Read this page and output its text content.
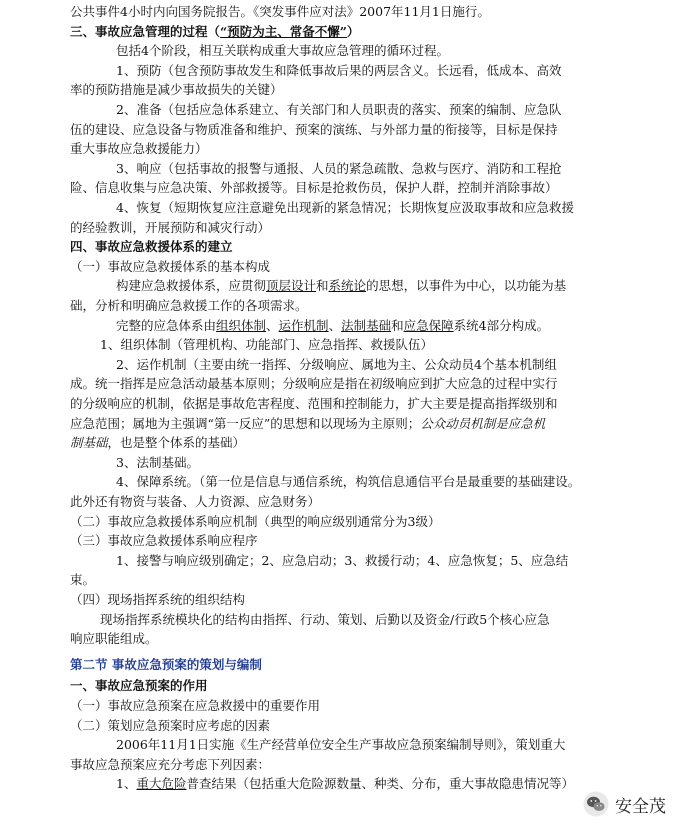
公共事件4小时内向国务院报告。《突发事件应对法》2007年11月1日施行。
三、事故应急管理的过程（“预防为主、常备不懈”）
包括4个阶段，相互关联构成重大事故应急管理的循环过程。
1、预防（包含预防事故发生和降低事故后果的两层含义。长远看，低成本、高效
率的预防措施是减少事故损失的关键）
2、准备（包括应急体系建立、有关部门和人员职责的落实、预案的编制、应急队
伍的建设、应急设备与物质准备和维护、预案的演练、与外部力量的衔接等，目标是保持
重大事故应急救援能力）
3、响应（包括事故的报警与通报、人员的紧急疏散、急救与医疗、消防和工程抢
险、信息收集与应急决策、外部救援等。目标是抢救伤员，保护人群，控制并消除事故）
4、恢复（短期恢复应注意避免出现新的紧急情况；长期恢复应汲取事故和应急救援
的经验教训，开展预防和减灾行动）
四、事故应急救援体系的建立
（一）事故应急救援体系的基本构成
构建应急救援体系，应贯彻顶层设计和系统论的思想，以事件为中心，以功能为基
础，分析和明确应急救援工作的各项需求。
完整的应急体系由组织体制、运作机制、法制基础和应急保障系统4部分构成。
1、组织体制（管理机构、功能部门、应急指挥、救援队伍）
2、运作机制（主要由统一指挥、分级响应、属地为主、公众动员4个基本机制组
成。统一指挥是应急活动最基本原则；分级响应是指在初级响应到扩大应急的过程中实行
的分级响应的机制，依据是事故危害程度、范围和控制能力，扩大主要是提高指挥级别和
应急范围；属地为主强调“第一反应”的思想和以现场为主原则；公众动员机制是应急机
制基础，也是整个体系的基础）
3、法制基础。
4、保障系统。（第一位是信息与通信系统，构筑信息通信平台是最重要的基础建设。
此外还有物资与装备、人力资源、应急财务）
（二）事故应急救援体系响应机制（典型的响应级别通常分为3级）
（三）事故应急救援体系响应程序
1、接警与响应级别确定；2、应急启动；3、救援行动；4、应急恢复；5、应急结
束。
（四）现场指挥系统的组织结构
现场指挥系统模块化的结构由指挥、行动、策划、后勤以及资金/行政5个核心应急
响应职能组成。
第二节 事故应急预案的策划与编制
一、事故应急预案的作用
（一）事故应急预案在应急救援中的重要作用
（二）策划应急预案时应考虑的因素
2006年11月1日实施《生产经营单位安全生产事故应急预案编制导则》，策划重大
事故应急预案应充分考虑下列因素：
1、重大危险普查结果（包括重大危险源数量、种类、分布，重大事故隐患情况等）
安全茂
